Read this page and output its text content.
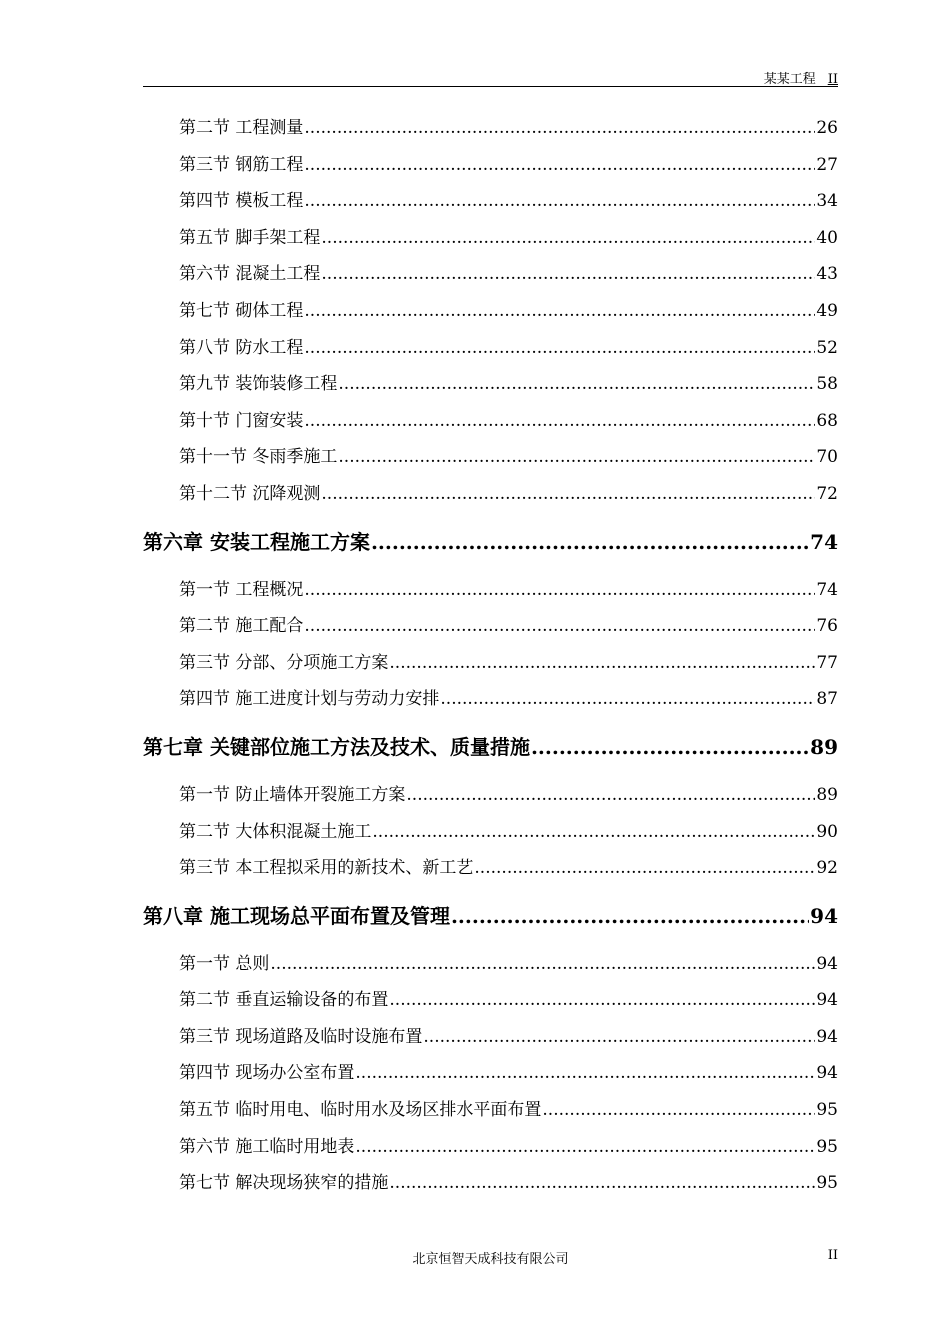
某某工程 II
第二节 工程测量 .....	26
第三节 钢筋工程 .....	27
第四节 模板工程 .....	34
第五节 脚手架工程 .....	40
第六节 混凝土工程 .....	43
第七节 砌体工程 .....	49
第八节 防水工程 .....	52
第九节 装饰装修工程 .....	58
第十节 门窗安装 .....	68
第十一节 冬雨季施工 .....	70
第十二节 沉降观测 .....	72
第六章 安装工程施工方案 .....	74
第一节 工程概况 .....	74
第二节 施工配合 .....	76
第三节 分部、分项施工方案 .....	77
第四节 施工进度计划与劳动力安排 .....	87
第七章 关键部位施工方法及技术、质量措施 .....	89
第一节 防止墙体开裂施工方案 .....	89
第二节 大体积混凝土施工 .....	90
第三节 本工程拟采用的新技术、新工艺 .....	92
第八章 施工现场总平面布置及管理 .....	94
第一节 总则 .....	94
第二节 垂直运输设备的布置 .....	94
第三节 现场道路及临时设施布置 .....	94
第四节 现场办公室布置 .....	94
第五节 临时用电、临时用水及场区排水平面布置 .....	95
第六节 施工临时用地表 .....	95
第七节 解决现场狭窄的措施 .....	95
北京恒智天成科技有限公司	II
